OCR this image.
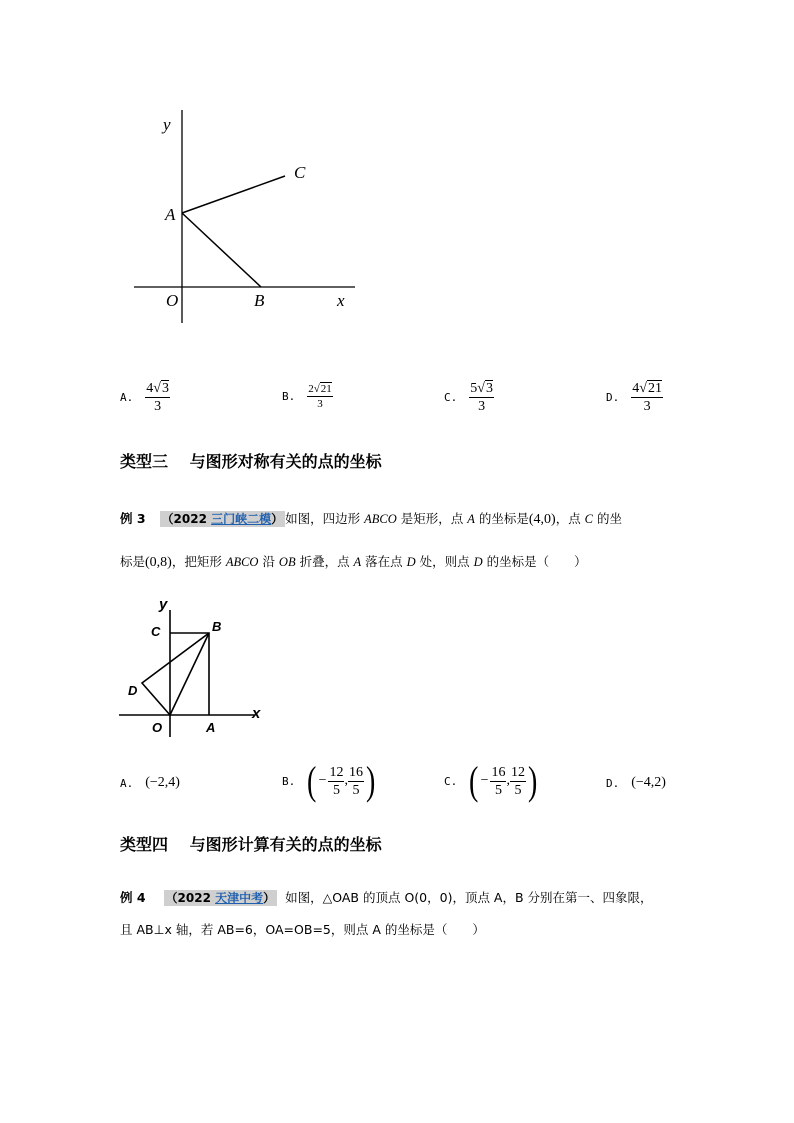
y
C
A
O	B	x
A. $\frac{4√3}{3}$	B. $\frac{2√21}{3}$	C. $\frac{5√3}{3}$	D. $\frac{4√21}{3}$
类型三　 与图形对称有关的点的坐标
例 3 （2022 三门峡二模） 如图，四边形 ABCO 是矩形，点 A 的坐标是(4,0)，点 C 的坐
标是(0,8)，把矩形 ABCO 沿 OB 折叠，点 A 落在点 D 处，则点 D 的坐标是（　　）
y
C	B
D
x
O	A
A. (−2,4)	B. ( − $\frac{12}{5}$ , $\frac{16}{5}$ )	C. ( − $\frac{16}{5}$ , $\frac{12}{5}$ )	D. (−4,2)
类型四　 与图形计算有关的点的坐标
例 4 （2022 天津中考） 如图，△OAB 的顶点 O(0，0)，顶点 A，B 分别在第一、四象限，
且 AB⊥x 轴，若 AB=6，OA=OB=5，则点 A 的坐标是（　　）
